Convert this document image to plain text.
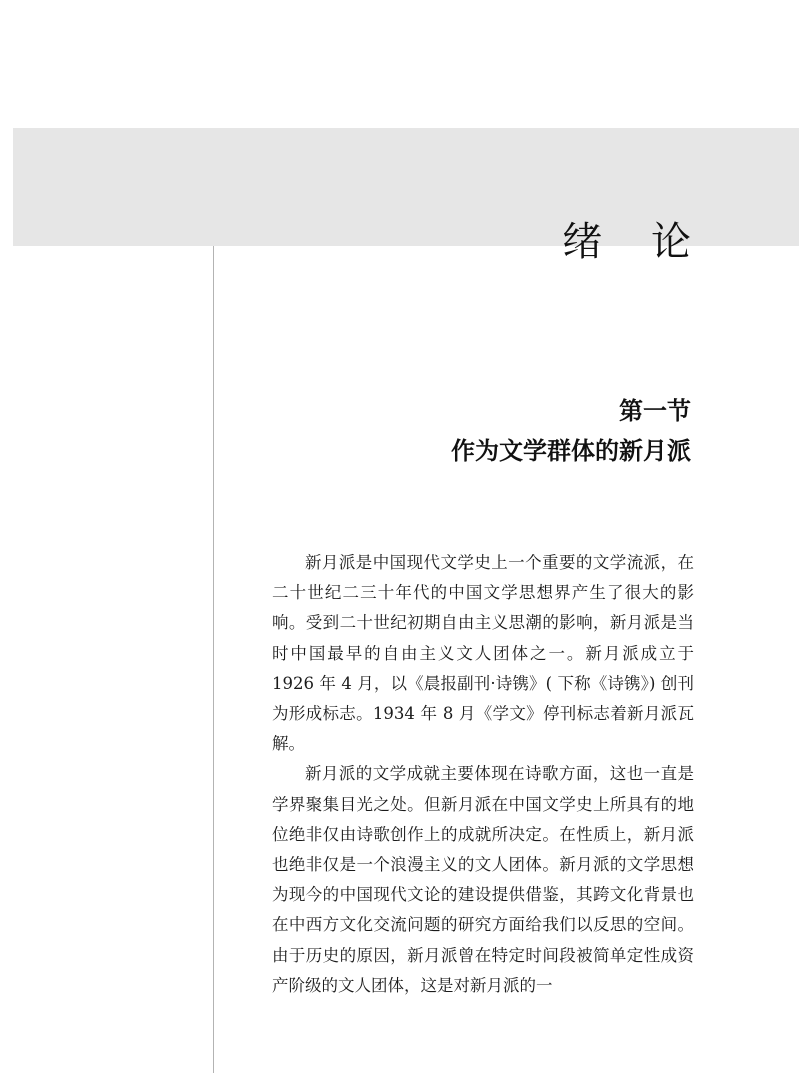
绪 论
第一节
作为文学群体的新月派

新月派是中国现代文学史上一个重要的文学流派，在二十世纪二三十年代的中国文学思想界产生了很大的影响。受到二十世纪初期自由主义思潮的影响，新月派是当时中国最早的自由主义文人团体之一。新月派成立于 1926 年 4 月，以《晨报副刊·诗镌》( 下称《诗镌》) 创刊为形成标志。1934 年 8 月《学文》停刊标志着新月派瓦解。

新月派的文学成就主要体现在诗歌方面，这也一直是学界聚集目光之处。但新月派在中国文学史上所具有的地位绝非仅由诗歌创作上的成就所决定。在性质上，新月派也绝非仅是一个浪漫主义的文人团体。新月派的文学思想为现今的中国现代文论的建设提供借鉴，其跨文化背景也在中西方文化交流问题的研究方面给我们以反思的空间。由于历史的原因，新月派曾在特定时间段被简单定性成资产阶级的文人团体，这是对新月派的一
